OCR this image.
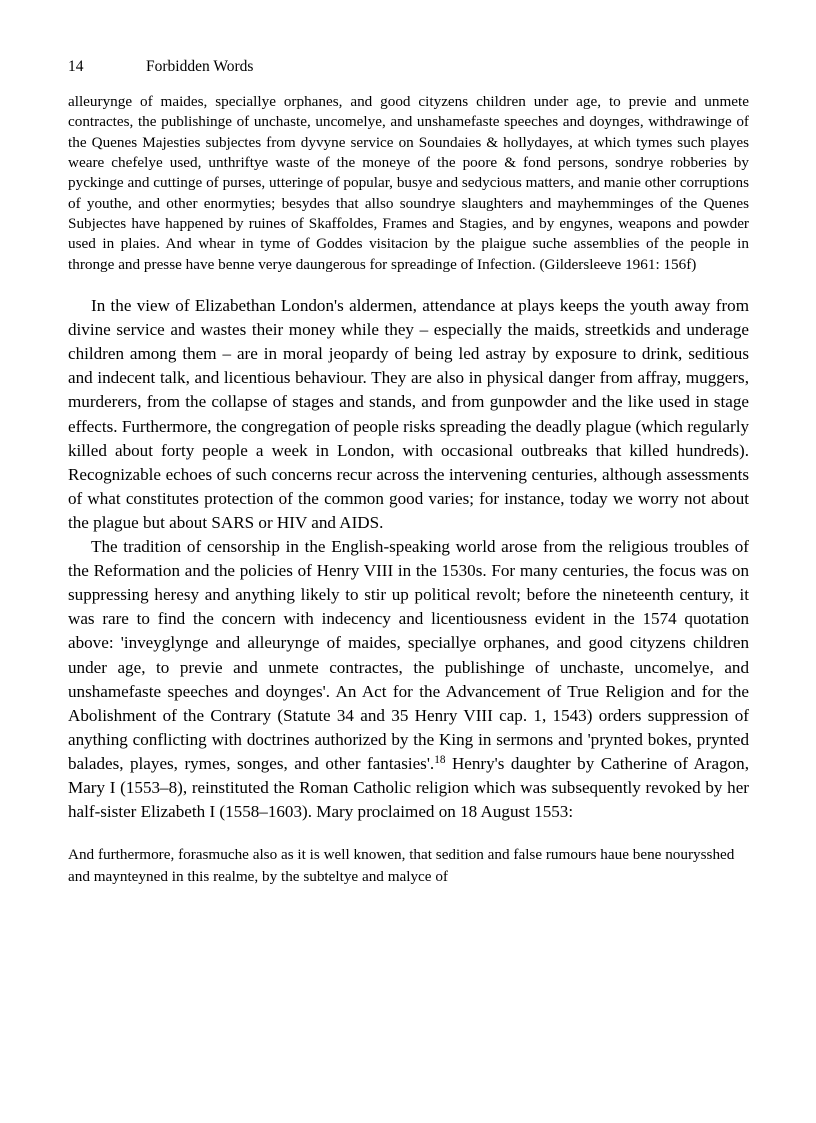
14	Forbidden Words

alleurynge of maides, speciallye orphanes, and good cityzens children under age, to previe and unmete contractes, the publishinge of unchaste, uncomelye, and unshamefaste speeches and doynges, withdrawinge of the Quenes Majesties subjectes from dyvyne service on Soundaies & hollydayes, at which tymes such playes weare chefelye used, unthriftye waste of the moneye of the poore & fond persons, sondrye robberies by pyckinge and cuttinge of purses, utteringe of popular, busye and sedycious matters, and manie other corruptions of youthe, and other enormyties; besydes that allso soundrye slaughters and mayhemminges of the Quenes Subjectes have happened by ruines of Skaffoldes, Frames and Stagies, and by engynes, weapons and powder used in plaies. And whear in tyme of Goddes visitacion by the plaigue suche assemblies of the people in thronge and presse have benne verye daungerous for spreadinge of Infection. (Gildersleeve 1961: 156f)

In the view of Elizabethan London's aldermen, attendance at plays keeps the youth away from divine service and wastes their money while they – especially the maids, streetkids and underage children among them – are in moral jeopardy of being led astray by exposure to drink, seditious and indecent talk, and licentious behaviour. They are also in physical danger from affray, muggers, murderers, from the collapse of stages and stands, and from gunpowder and the like used in stage effects. Furthermore, the congregation of people risks spreading the deadly plague (which regularly killed about forty people a week in London, with occasional outbreaks that killed hundreds). Recognizable echoes of such concerns recur across the intervening centuries, although assessments of what constitutes protection of the common good varies; for instance, today we worry not about the plague but about SARS or HIV and AIDS.

The tradition of censorship in the English-speaking world arose from the religious troubles of the Reformation and the policies of Henry VIII in the 1530s. For many centuries, the focus was on suppressing heresy and anything likely to stir up political revolt; before the nineteenth century, it was rare to find the concern with indecency and licentiousness evident in the 1574 quotation above: 'inveyglynge and alleurynge of maides, speciallye orphanes, and good cityzens children under age, to previe and unmete contractes, the publishinge of unchaste, uncomelye, and unshamefaste speeches and doynges'. An Act for the Advancement of True Religion and for the Abolishment of the Contrary (Statute 34 and 35 Henry VIII cap. 1, 1543) orders suppression of anything conflicting with doctrines authorized by the King in sermons and 'prynted bokes, prynted balades, playes, rymes, songes, and other fantasies'.$^{18}$ Henry's daughter by Catherine of Aragon, Mary I (1553–8), reinstituted the Roman Catholic religion which was subsequently revoked by her half-sister Elizabeth I (1558–1603). Mary proclaimed on 18 August 1553:

And furthermore, forasmuche also as it is well knowen, that sedition and false rumours haue bene nourysshed and maynteyned in this realme, by the subteltye and malyce of
